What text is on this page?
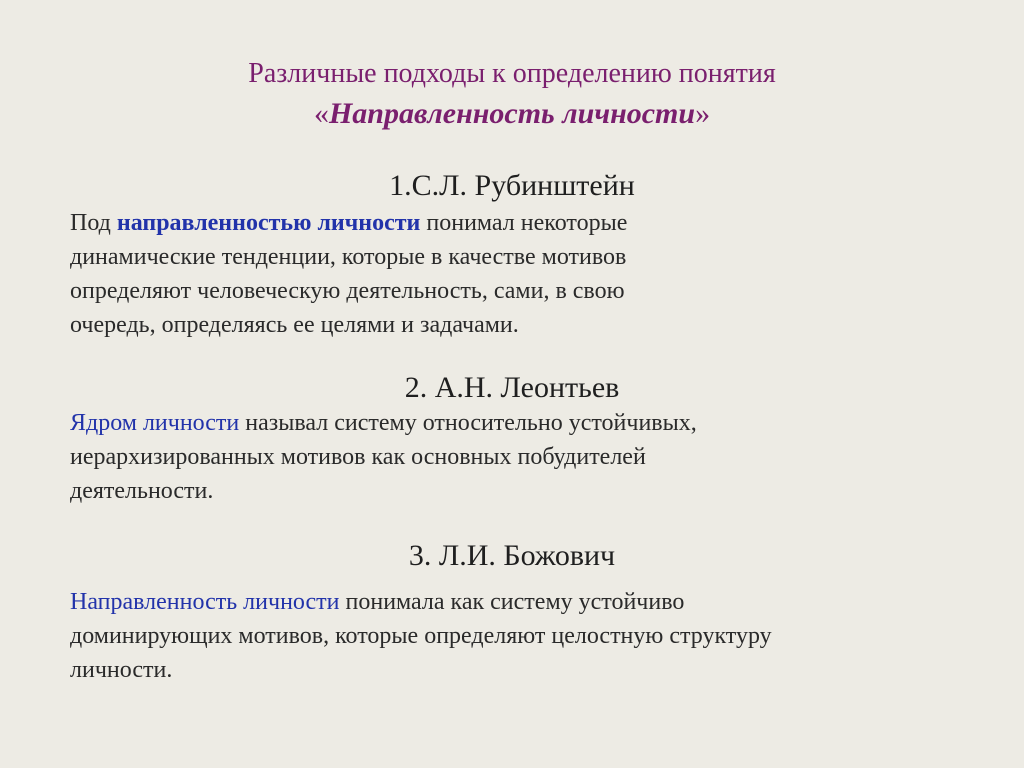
Различные подходы к определению понятия
«Направленность личности»
1.С.Л. Рубинштейн

Под направленностью личности понимал некоторые
динамические тенденции, которые в качестве мотивов
определяют человеческую деятельность, сами, в свою
очередь, определяясь ее целями и задачами.

2. А.Н. Леонтьев

Ядром личности называл систему относительно устойчивых,
иерархизированных мотивов как основных побудителей
деятельности.

3. Л.И. Божович

Направленность личности понимала как систему устойчиво
доминирующих мотивов, которые определяют целостную структуру
личности.
